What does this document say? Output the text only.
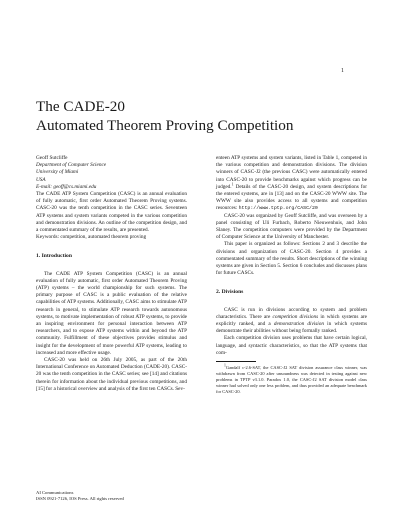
1
The CADE-20
Automated Theorem Proving Competition

Geoff Sutcliffe

Department of Computer Science

University of Miami

USA

E-mail: geoff@cs.miami.edu

The CADE ATP System Competition (CASC) is an annual evaluation of fully automatic, first order Automated Theorem Proving systems. CASC-20 was the tenth competition in the CASC series. Seventeen ATP systems and system variants competed in the various competition and demonstration divisions. An outline of the competition design, and a commentated summary of the results, are presented.

Keywords: competition, automated theorem proving

1. Introduction

The CADE ATP System Competition (CASC) is an annual evaluation of fully automatic, first order Automated Theorem Proving (ATP) systems – the world championship for such systems. The primary purpose of CASC is a public evaluation of the relative capabilities of ATP systems. Additionally, CASC aims to stimulate ATP research in general, to stimulate ATP research towards autonomous systems, to motivate implementation of robust ATP systems, to provide an inspiring environment for personal interaction between ATP researchers, and to expose ATP systems within and beyond the ATP community. Fulfillment of these objectives provides stimulus and insight for the development of more powerful ATP systems, leading to increased and more effective usage.

CASC-20 was held on 26th July 2005, as part of the 20th International Conference on Automated Deduction (CADE-20). CASC-20 was the tenth competition in the CASC series; see [14] and citations therein for information about the individual previous competitions, and [15] for a historical overview and analysis of the first ten CASCs. Sev-

enteen ATP systems and system variants, listed in Table 1, competed in the various competition and demonstration divisions. The division winners of CASC-J2 (the previous CASC) were automatically entered into CASC-20 to provide benchmarks against which progress can be judged.$^1$ Details of the CASC-20 design, and system descriptions for the entered systems, are in [13] and on the CASC-20 WWW site. The WWW site also provides access to all systems and competition resources: http://www.tptp.org/CASC/20

CASC-20 was organized by Geoff Sutcliffe, and was overseen by a panel consisting of Uli Furbach, Roberto Nieuwenhuis, and John Slaney. The competition computers were provided by the Department of Computer Science at the University of Manchester.

This paper is organized as follows: Sections 2 and 3 describe the divisions and organization of CASC-20. Section 4 provides a commentated summary of the results. Short descriptions of the winning systems are given in Section 5. Section 6 concludes and discusses plans for future CASCs.

2. Divisions

CASC is run in divisions according to system and problem characteristics. There are competition divisions in which systems are explicitly ranked, and a demonstration division in which systems demonstrate their abilities without being formally ranked.

Each competition division uses problems that have certain logical, language, and syntactic characteristics, so that the ATP systems that com-

$^1$Gandalf c-2.6-SAT, the CASC-J2 SAT division assurance class winner, was withdrawn from CASC-20 after unsoundness was detected in testing against new problems in TPTP v3.1.0. Paradox 1.0, the CASC-J2 SAT division model class winner had solved only one less problem, and thus provided an adequate benchmark for CASC-20.

AI Communications
ISSN 0921-7126, IOS Press. All rights reserved
